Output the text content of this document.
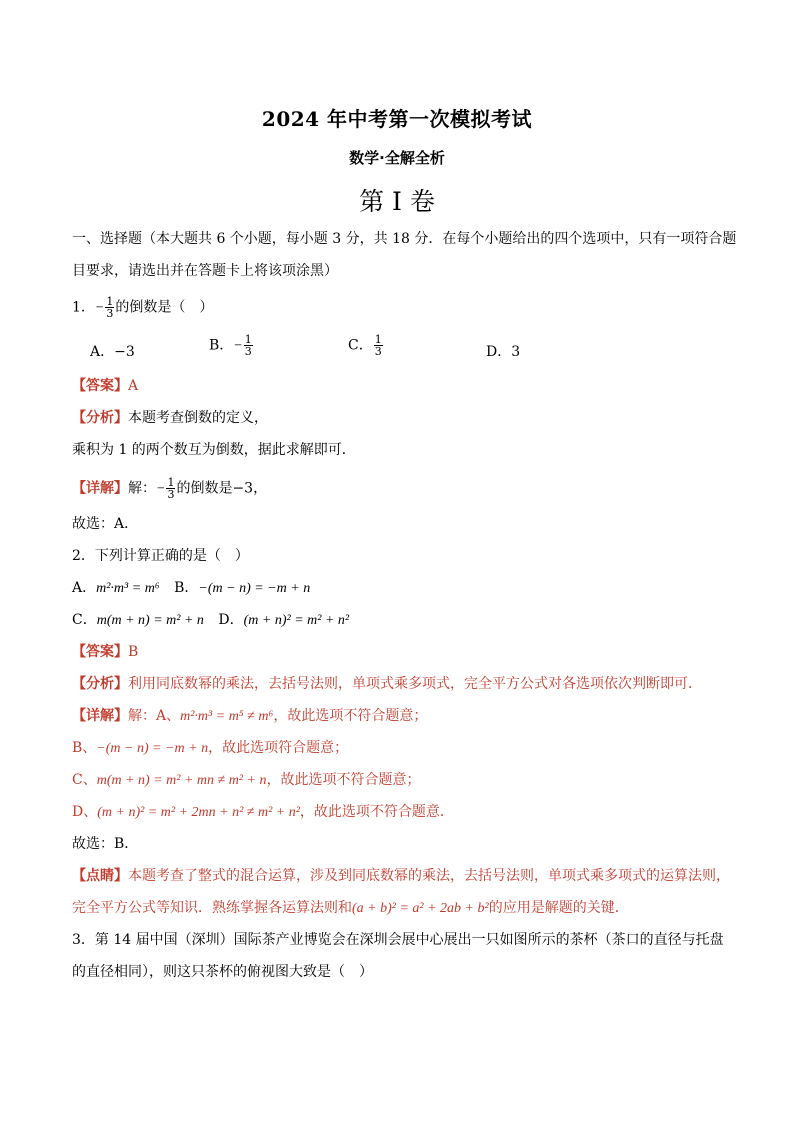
2024 年中考第一次模拟考试
数学·全解全析
第 I 卷
一、选择题（本大题共 6 个小题，每小题 3 分，共 18 分．在每个小题给出的四个选项中，只有一项符合题
目要求，请选出并在答题卡上将该项涂黑）
1．− $\frac{1}{3}$ 的倒数是（　）
A．−3	B．− $\frac{1}{3}$	C． $\frac{1}{3}$	D．3
【答案】A
【分析】本题考查倒数的定义，
乘积为 1 的两个数互为倒数，据此求解即可．
【详解】解：− $\frac{1}{3}$ 的倒数是−3，
故选：A．
2．下列计算正确的是（　）
A．m²·m³ = m⁶ B．−(m − n) = −m + n
C．m(m + n) = m² + n D．(m + n)² = m² + n²
【答案】B
【分析】利用同底数幂的乘法，去括号法则，单项式乘多项式，完全平方公式对各选项依次判断即可．
【详解】解：A、m²·m³ = m⁵ ≠ m⁶，故此选项不符合题意；
B、−(m − n) = −m + n，故此选项符合题意；
C、m(m + n) = m² + mn ≠ m² + n，故此选项不符合题意；
D、(m + n)² = m² + 2mn + n² ≠ m² + n²，故此选项不符合题意．
故选：B．
【点睛】本题考查了整式的混合运算，涉及到同底数幂的乘法，去括号法则，单项式乘多项式的运算法则，
完全平方公式等知识．熟练掌握各运算法则和(a + b)² = a² + 2ab + b²的应用是解题的关键．
3．第 14 届中国（深圳）国际茶产业博览会在深圳会展中心展出一只如图所示的茶杯（茶口的直径与托盘
的直径相同），则这只茶杯的俯视图大致是（　）
